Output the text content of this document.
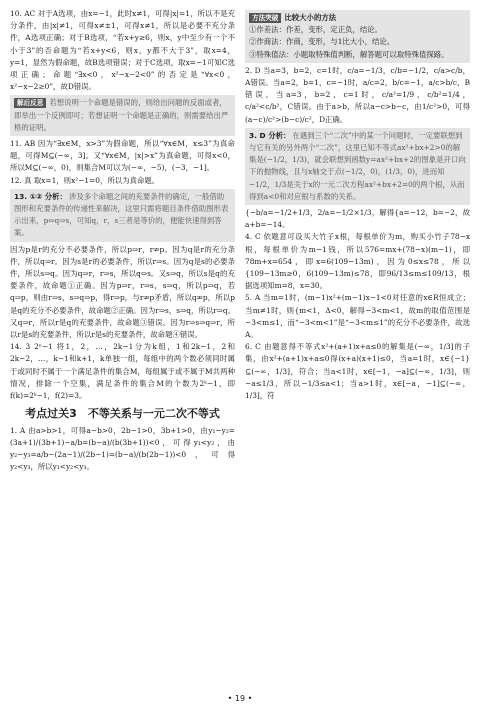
10. AC 对于A选项，由x=−1，此时x≠1，可得|x|=1，所以不是充分条件，由|x|≠1，可得x≠±1，可得x≠1，所以是必要不充分条件，A选项正确；对于B选项，“若x+y≥6，则x，y中至少有一个不小于3”的否命题为“若x+y<6，则x，y都不大于3”，取x=4，y=1，显然为假命题，故B选项错误；对于C选项，取x=−1可知C选项正确；命题“∃x<0，x²−x−2<0”的否定是“∀x<0，x²−x−2≥0”，故D错误。

解后反思 若想说明一个命题是错误的，则给出问题的反面或者，即举出一个反例即可；若想证明一个命题是正确的，则需要给出严格的证明。

11. AB 因为“∃x∈M，x>3”为假命题，所以“∀x∈M，x≤3”为真命题，可得M⊆(−∞，3]。又“∀x∈M，|x|>x”为真命题，可得x<0，所以M⊆(−∞，0)，则集合M可以为(−∞，−5)，(−3，−1]。

12. 真 取x=1，则x²−1=0，所以为真命题。

13. ①② 分析： 涉及多个命题之间的充要条件的确定，一般借助图形和充要条件的传递性来解决，这里只需将题目条件借助图形表示出来，p⇔q⇒s，可知q，r，s三者是等价的，便能快速得到答案。

因为p是r的充分不必要条件，所以p⇒r，r⇏p。因为q是r的充分条件，所以q⇒r。因为s是r的必要条件，所以r⇒s。因为q是s的必要条件，所以s⇒q。因为q⇒r，r⇒s，所以q⇔s。又s⇒q，所以s是q的充要条件，故命题①正确。因为p⇒r，r⇒s，s⇒q，所以p⇒q，若q⇒p，则由r⇒s，s⇒q⇒p，得r⇒p，与r⇏p矛盾，所以q⇏p，所以p是q的充分不必要条件，故命题②正确。因为r⇒s，s⇒q，所以r⇒q。又q⇒r，所以r是q的充要条件，故命题③错误。因为r⇒s⇒q⇒r，所以r是s的充要条件，所以r是s的充要条件，故命题④错误。

14. 3 2ⁿ−1 将1，2，…，2k−1分为k组，1和2k−1，2和2k−2，…，k−1和k+1，k单独一组，每组中的两个数必须同时属于或同时不属于一个满足条件的集合M，每组属于或不属于M共两种情况，排除一个空集，满足条件的集合M的个数为2ᵏ−1，即f(k)=2ᵏ−1，f(2)=3。

考点过关3　不等关系与一元二次不等式

1. A 由a>b>1，可得a−b>0，2b−1>0，3b+1>0，由y₁−y₂=(3a+1)/(3b+1)−a/b=(b−a)/(b(3b+1))<0，可得y₁<y₂，由y₂−y₃=a/b−(2a−1)/(2b−1)=(b−a)/(b(2b−1))<0，可得y₂<y₃，所以y₁<y₂<y₃。

方法突破 比较大小的方法
①作差法：作差，变形，定正负，结论。
②作商法：作商，变形，与1比大小，结论。
③特殊值法：小题取特殊值判断，解答题可以取特殊值探路。

2. D 当a=3，b=2，c=1时，c/a=−1/3，c/b=−1/2，c/a>c/b，A错误。当a=2，b=1，c=−1时，a/c=2，b/c=−1，a/c>b/c，B错误。当a=3，b=2，c=1时，c/a²=1/9，c/b²=1/4，c/a²<c/b²，C错误。由于a>b，所以a−c>b−c，由1/c²>0，可得(a−c)/c²>(b−c)/c²，D正确。

3. D 分析： 在遇到三个“二次”中的某一个问题时，一定要联想到与它有关的另外两个“二次”，这里已知不等式ax²+bx+2>0的解集是(−1/2，1/3)，就会联想到函数y=ax²+bx+2的图象是开口向下的抛物线，且与x轴交于点(−1/2，0)，(1/3，0)，进而知−1/2，1/3是关于x的一元二次方程ax²+bx+2=0的两个根，从而得到a<0和对应根与系数的关系。

{−b/a=−1/2+1/3，2/a=−1/2×1/3，解得{a=−12，b=−2，故a+b=−14。

4. C 依题意可设买大竹子x根，每根单价为m，购买小竹子78−x根，每根单价为m−1钱，所以576=mx+(78−x)(m−1)，即78m+x=654，即x=6(109−13m)，因为0≤x≤78，所以{109−13m≥0，6(109−13m)≤78，即96/13≤m≤109/13，根据选项知m=8，x=30。

5. A 当m=1时，(m−1)x²+(m−1)x−1<0对任意的x∈R恒成立；当m≠1时，则{m<1，Δ<0，解得−3<m<1，故m的取值范围是−3<m≤1，而“−3<m<1”是“−3<m≤1”的充分不必要条件，故选A。

6. C 由题意得不等式x²+(a+1)x+a≤0的解集是(−∞，1/3]的子集，由x²+(a+1)x+a≤0得(x+a)(x+1)≤0，当a=1时，x∈{−1}⊆(−∞，1/3]，符合；当a<1时，x∈[−1，−a]⊆(−∞，1/3]，则−a≤1/3，所以−1/3≤a<1；当a>1时，x∈[−a，−1]⊆(−∞，1/3]，符

• 19 •
